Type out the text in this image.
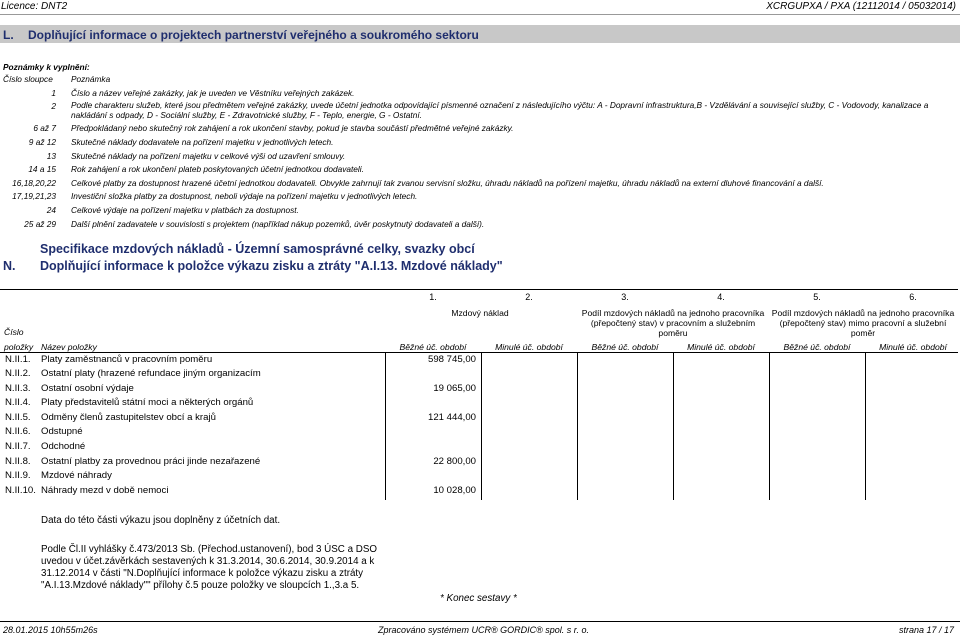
Licence: DNT2	XCRGUPXA / PXA (12112014 / 05032014)
L. Doplňující informace o projektech partnerství veřejného a soukromého sektoru
Poznámky k vyplnění:
Číslo sloupce Poznámka
1 Číslo a název veřejné zakázky, jak je uveden ve Věstníku veřejných zakázek.
2 Podle charakteru služeb, které jsou předmětem veřejné zakázky, uvede účetní jednotka odpovídající písmenné označení z následujícího výčtu: A - Dopravní infrastruktura,B - Vzdělávání a související služby, C - Vodovody, kanalizace a nakládání s odpady, D - Sociální služby, E - Zdravotnické služby, F - Teplo, energie, G - Ostatní.
6 až 7 Předpokládaný nebo skutečný rok zahájení a rok ukončení stavby, pokud je stavba součástí předmětné veřejné zakázky.
9 až 12 Skutečné náklady dodavatele na pořízení majetku v jednotlivých letech.
13 Skutečné náklady na pořízení majetku v celkové výši od uzavření smlouvy.
14 a 15 Rok zahájení a rok ukončení plateb poskytovaných účetní jednotkou dodavateli.
16,18,20,22 Celkové platby za dostupnost hrazené účetní jednotkou dodavateli. Obvykle zahrnují tak zvanou servisní složku, úhradu nákladů na pořízení majetku, úhradu nákladů na externí dluhové financování a další.
17,19,21,23 Investiční složka platby za dostupnost, neboli výdaje na pořízení majetku v jednotlivých letech.
24 Celkové výdaje na pořízení majetku v platbách za dostupnost.
25 až 29 Další plnění zadavatele v souvislosti s projektem (například nákup pozemků, úvěr poskytnutý dodavateli a další).
Specifikace mzdových nákladů - Územní samosprávné celky, svazky obcí
N. Doplňující informace k položce výkazu zisku a ztráty "A.I.13. Mzdové náklady"
1.	2.	3.	4.	5.	6.
Mzdový náklad	Podíl mzdových nákladů na jednoho pracovníka (přepočtený stav) v pracovním a služebním poměru
Podíl mzdových nákladů na jednoho pracovníka (přepočtený stav) mimo pracovní a služební poměr
Číslo
položky Název položky	Běžné úč. období	Minulé úč. období	Běžné úč. období	Minulé úč. období	Běžné úč. období	Minulé úč. období
N.II.1. Platy zaměstnanců v pracovním poměru	598 745,00
N.II.2. Ostatní platy (hrazené refundace jiným organizacím
N.II.3. Ostatní osobní výdaje	19 065,00
N.II.4. Platy představitelů státní moci a některých orgánů
N.II.5. Odměny členů zastupitelstev obcí a krajů	121 444,00
N.II.6. Odstupné
N.II.7. Odchodné
N.II.8. Ostatní platby za provednou práci jinde nezařazené	22 800,00
N.II.9. Mzdové náhrady
N.II.10. Náhrady mezd v době nemoci	10 028,00
Data do této části výkazu jsou doplněny z účetních dat.
Podle Čl.II vyhlášky č.473/2013 Sb. (Přechod.ustanovení), bod 3 ÚSC a DSO
uvedou v účet.závěrkách sestavených k 31.3.2014, 30.6.2014, 30.9.2014 a k
31.12.2014 v části "N.Doplňující informace k položce výkazu zisku a ztráty
"A.I.13.Mzdové náklady"" přílohy č.5 pouze položky ve sloupcích 1.,3.a 5.
* Konec sestavy *
28.01.2015 10h55m26s	Zpracováno systémem UCR® GORDIC® spol. s r. o.	strana 17 / 17
